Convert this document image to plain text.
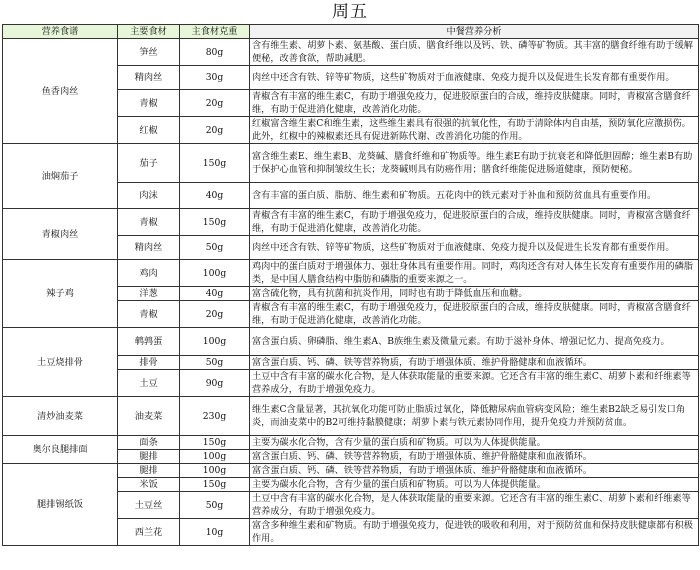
周五
营养食谱	主要食材	主食材克重	中餐营养分析
鱼香肉丝	笋丝	80g	含有维生素、胡萝卜素、氨基酸、蛋白质、膳食纤维以及钙、铁、磷等矿物质。其丰富的膳食纤维有助于缓解便秘，改善食欲，帮助减肥。
	精肉丝	30g	肉丝中还含有铁、锌等矿物质，这些矿物质对于血液健康、免疫力提升以及促进生长发育都有重要作用。
	青椒	20g	青椒含有丰富的维生素C，有助于增强免疫力，促进胶原蛋白的合成，维持皮肤健康。同时，青椒富含膳食纤维，有助于促进消化健康，改善消化功能。
	红椒	20g	红椒富含维生素C和维生素，这些维生素具有很强的抗氧化性，有助于清除体内自由基，预防氧化应激损伤。此外，红椒中的辣椒素还具有促进新陈代谢、改善消化功能的作用。
油焖茄子	茄子	150g	富含维生素E、维生素B、龙葵碱、膳食纤维和矿物质等。维生素E有助于抗衰老和降低胆固醇；维生素B有助于保护心血管和抑制皱纹生长；龙葵碱则具有防癌作用；膳食纤维能促进肠道健康，预防便秘。
	肉沫	40g	含有丰富的蛋白质、脂肪、维生素和矿物质。五花肉中的铁元素对于补血和预防贫血具有重要作用。
青椒肉丝	青椒	150g	青椒含有丰富的维生素C，有助于增强免疫力，促进胶原蛋白的合成，维持皮肤健康。同时，青椒富含膳食纤维，有助于促进消化健康，改善消化功能。
	精肉丝	50g	肉丝中还含有铁、锌等矿物质，这些矿物质对于血液健康、免疫力提升以及促进生长发育都有重要作用。
辣子鸡	鸡肉	100g	鸡肉中的蛋白质对于增强体力、强壮身体具有重要作用。同时，鸡肉还含有对人体生长发育有重要作用的磷脂类，是中国人膳食结构中脂肪和磷脂的重要来源之一。
	洋葱	40g	富含硫化物，具有抗菌和抗炎作用，同时也有助于降低血压和血糖。
	青椒	20g	青椒含有丰富的维生素C，有助于增强免疫力，促进胶原蛋白的合成，维持皮肤健康。同时，青椒富含膳食纤维，有助于促进消化健康，改善消化功能。
土豆烧排骨	鹌鹑蛋	100g	富含蛋白质、卵磷脂、维生素A、B族维生素及微量元素。有助于滋补身体、增强记忆力、提高免疫力。
	排骨	50g	富含蛋白质、钙、磷、铁等营养物质，有助于增强体质、维护骨骼健康和血液循环。
	土豆	90g	土豆中含有丰富的碳水化合物，是人体获取能量的重要来源。它还含有丰富的维生素C、胡萝卜素和纤维素等营养成分，有助于增强免疫力。
清炒油麦菜	油麦菜	230g	维生素C含量显著，其抗氧化功能可防止脂质过氧化，降低糖尿病血管病变风险；维生素B2缺乏易引发口角炎，而油麦菜中的B2可维持黏膜健康；胡萝卜素与铁元素协同作用，提升免疫力并预防贫血。
奥尔良腿排面	面条	150g	主要为碳水化合物，含有少量的蛋白质和矿物质。可以为人体提供能量。
	腿排	100g	富含蛋白质、钙、磷、铁等营养物质，有助于增强体质、维护骨骼健康和血液循环。
腿排锡纸饭	腿排	100g	富含蛋白质、钙、磷、铁等营养物质，有助于增强体质、维护骨骼健康和血液循环。
	米饭	150g	主要为碳水化合物，含有少量的蛋白质和矿物质。可以为人体提供能量。
	土豆丝	50g	土豆中含有丰富的碳水化合物，是人体获取能量的重要来源。它还含有丰富的维生素C、胡萝卜素和纤维素等营养成分，有助于增强免疫力。
	西兰花	10g	富含多种维生素和矿物质。有助于增强免疫力，促进铁的吸收和利用，对于预防贫血和保持皮肤健康都有积极作用。
